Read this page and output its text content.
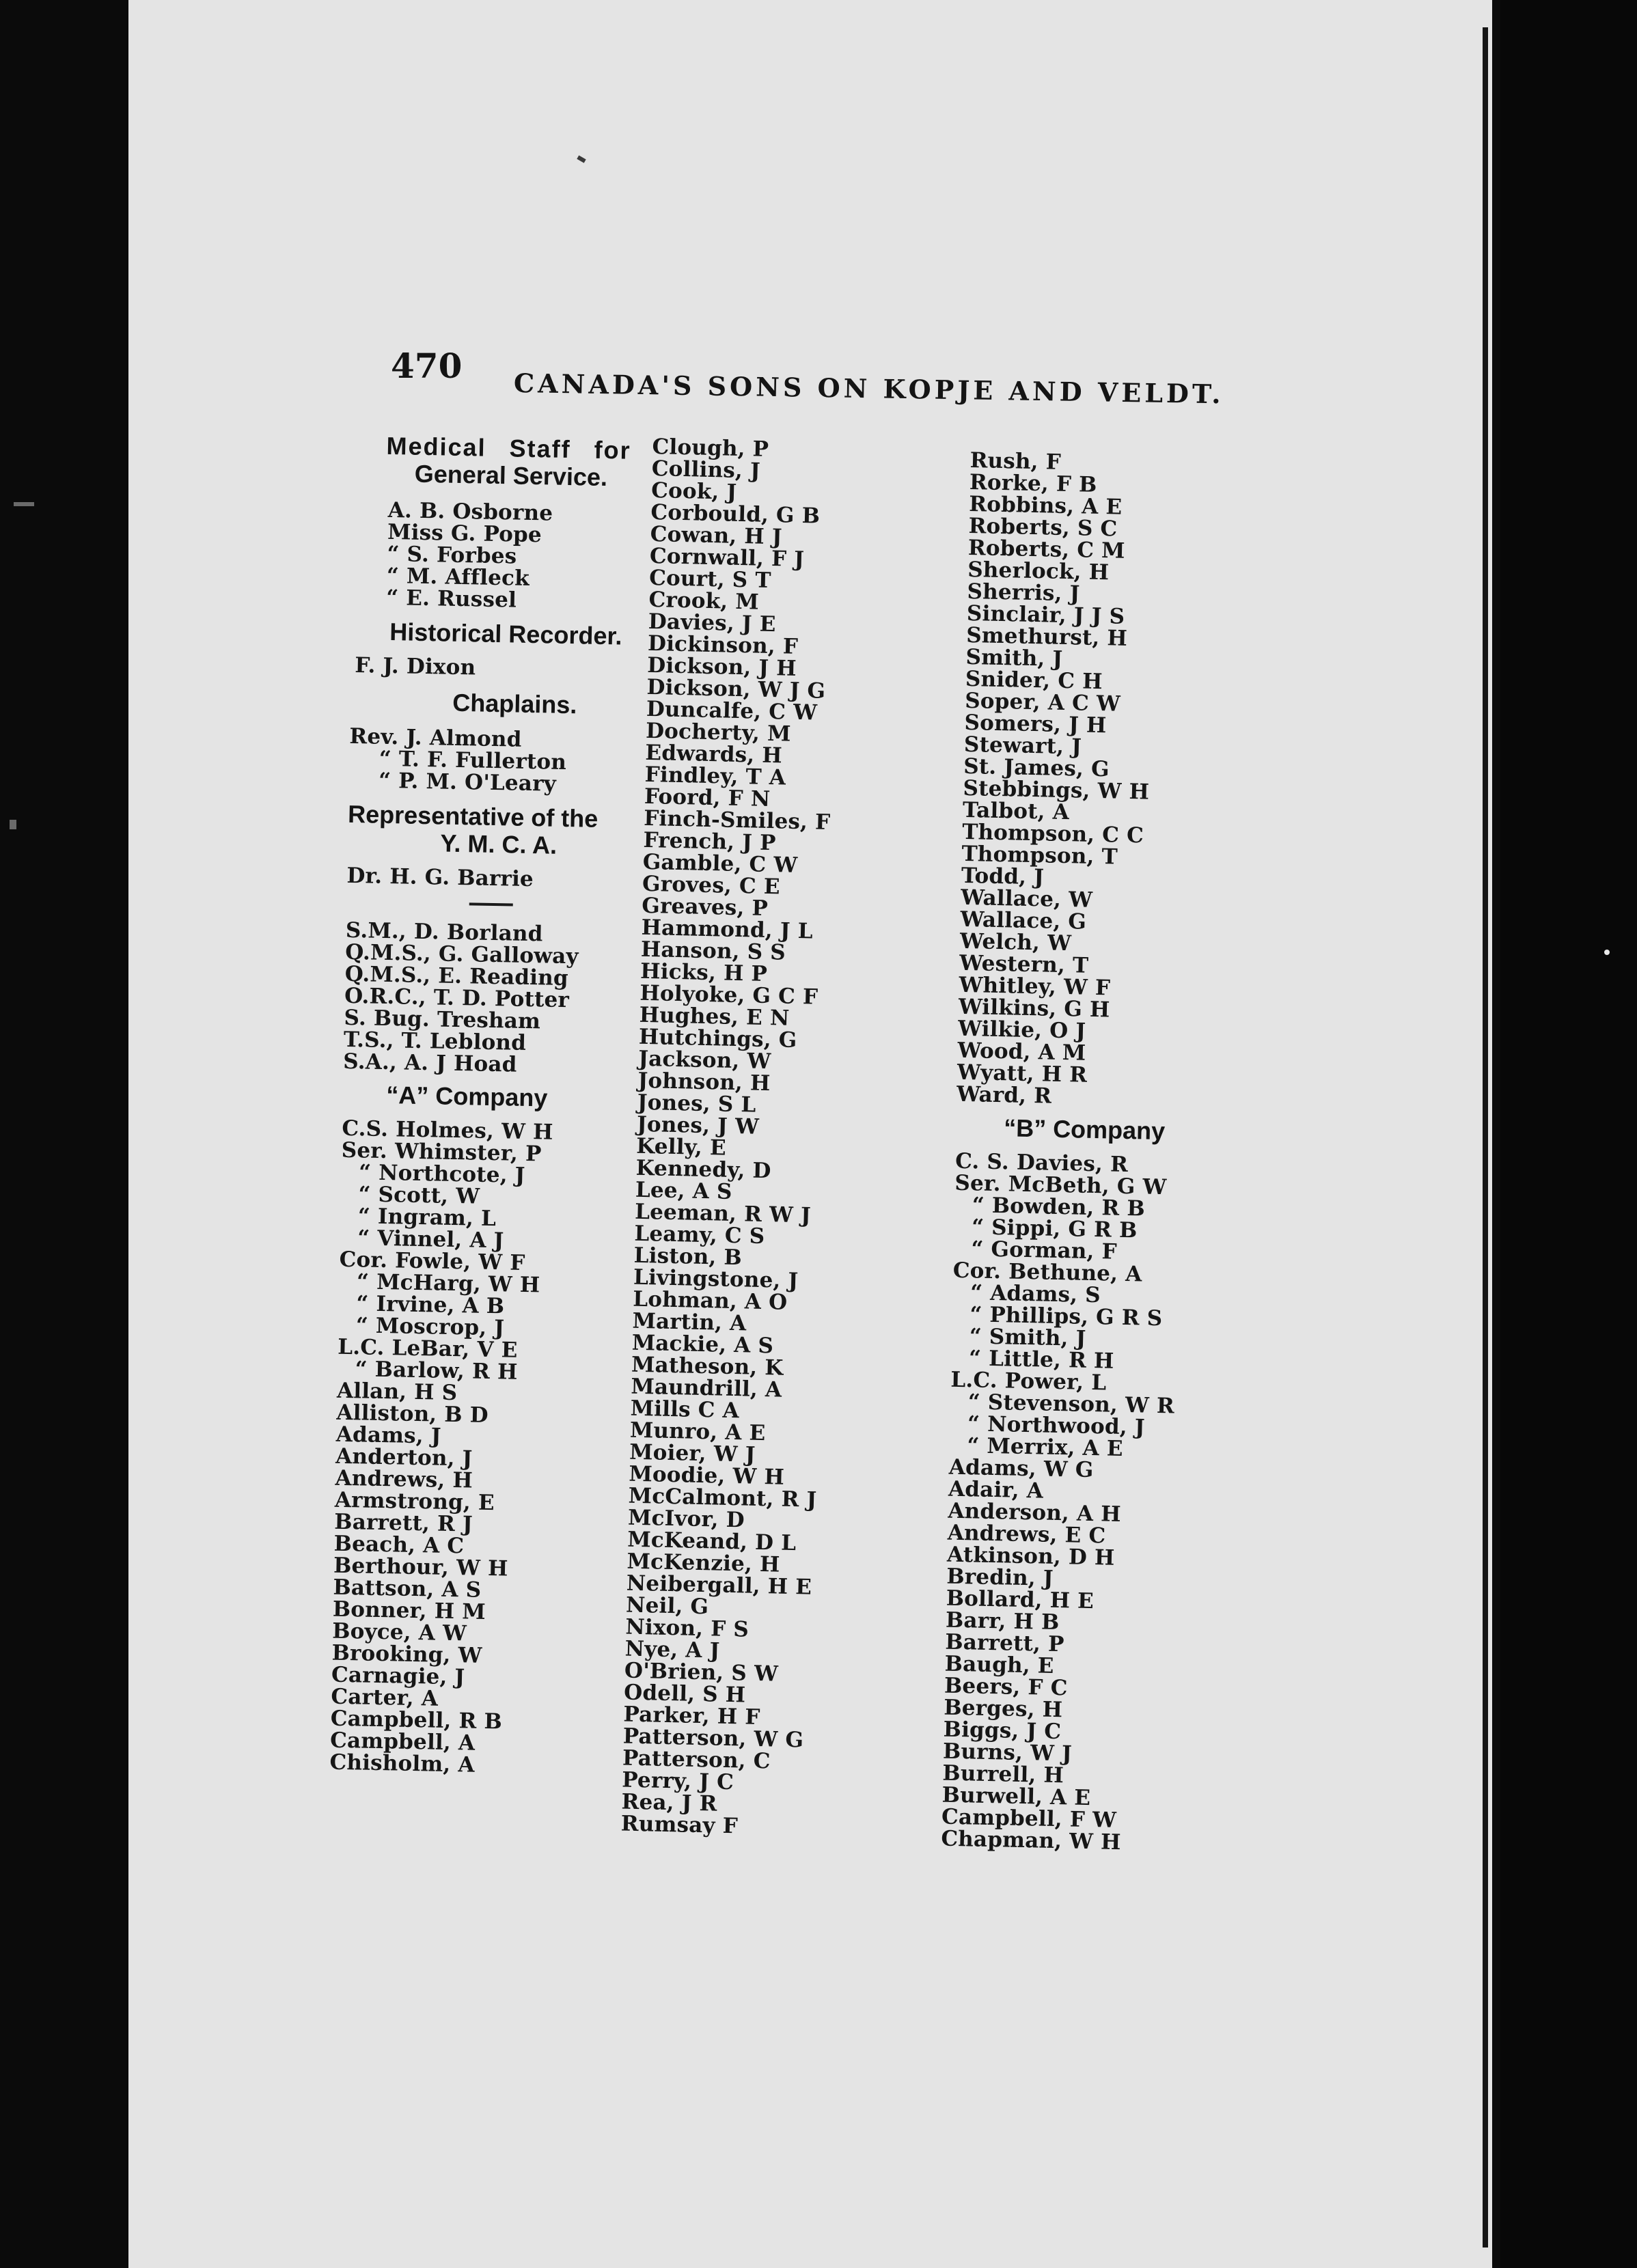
470
CANADA'S SONS ON KOPJE AND VELDT.
Medical Staff for
General Service.
A. B. Osborne
Miss G. Pope
“ S. Forbes
“ M. Affleck
“ E. Russel
Historical Recorder.
F. J. Dixon
Chaplains.
Rev. J. Almond
“ T. F. Fullerton
“ P. M. O'Leary
Representative of the
Y. M. C. A.
Dr. H. G. Barrie
S.M., D. Borland
Q.M.S., G. Galloway
Q.M.S., E. Reading
O.R.C., T. D. Potter
S. Bug. Tresham
T.S., T. Leblond
S.A., A. J Hoad
“A” Company
C.S. Holmes, W H
Ser. Whimster, P
“ Northcote, J
“ Scott, W
“ Ingram, L
“ Vinnel, A J
Cor. Fowle, W F
“ McHarg, W H
“ Irvine, A B
“ Moscrop, J
L.C. LeBar, V E
“ Barlow, R H
Allan, H S
Alliston, B D
Adams, J
Anderton, J
Andrews, H
Armstrong, E
Barrett, R J
Beach, A C
Berthour, W H
Battson, A S
Bonner, H M
Boyce, A W
Brooking, W
Carnagie, J
Carter, A
Campbell, R B
Campbell, A
Chisholm, A
Clough, P
Collins, J
Cook, J
Corbould, G B
Cowan, H J
Cornwall, F J
Court, S T
Crook, M
Davies, J E
Dickinson, F
Dickson, J H
Dickson, W J G
Duncalfe, C W
Docherty, M
Edwards, H
Findley, T A
Foord, F N
Finch-Smiles, F
French, J P
Gamble, C W
Groves, C E
Greaves, P
Hammond, J L
Hanson, S S
Hicks, H P
Holyoke, G C F
Hughes, E N
Hutchings, G
Jackson, W
Johnson, H
Jones, S L
Jones, J W
Kelly, E
Kennedy, D
Lee, A S
Leeman, R W J
Leamy, C S
Liston, B
Livingstone, J
Lohman, A O
Martin, A
Mackie, A S
Matheson, K
Maundrill, A
Mills C A
Munro, A E
Moier, W J
Moodie, W H
McCalmont, R J
McIvor, D
McKeand, D L
McKenzie, H
Neibergall, H E
Neil, G
Nixon, F S
Nye, A J
O'Brien, S W
Odell, S H
Parker, H F
Patterson, W G
Patterson, C
Perry, J C
Rea, J R
Rumsay F
Rush, F
Rorke, F B
Robbins, A E
Roberts, S C
Roberts, C M
Sherlock, H
Sherris, J
Sinclair, J J S
Smethurst, H
Smith, J
Snider, C H
Soper, A C W
Somers, J H
Stewart, J
St. James, G
Stebbings, W H
Talbot, A
Thompson, C C
Thompson, T
Todd, J
Wallace, W
Wallace, G
Welch, W
Western, T
Whitley, W F
Wilkins, G H
Wilkie, O J
Wood, A M
Wyatt, H R
Ward, R
“B” Company
C. S. Davies, R
Ser. McBeth, G W
“ Bowden, R B
“ Sippi, G R B
“ Gorman, F
Cor. Bethune, A
“ Adams, S
“ Phillips, G R S
“ Smith, J
“ Little, R H
L.C. Power, L
“ Stevenson, W R
“ Northwood, J
“ Merrix, A E
Adams, W G
Adair, A
Anderson, A H
Andrews, E C
Atkinson, D H
Bredin, J
Bollard, H E
Barr, H B
Barrett, P
Baugh, E
Beers, F C
Berges, H
Biggs, J C
Burns, W J
Burrell, H
Burwell, A E
Campbell, F W
Chapman, W H
